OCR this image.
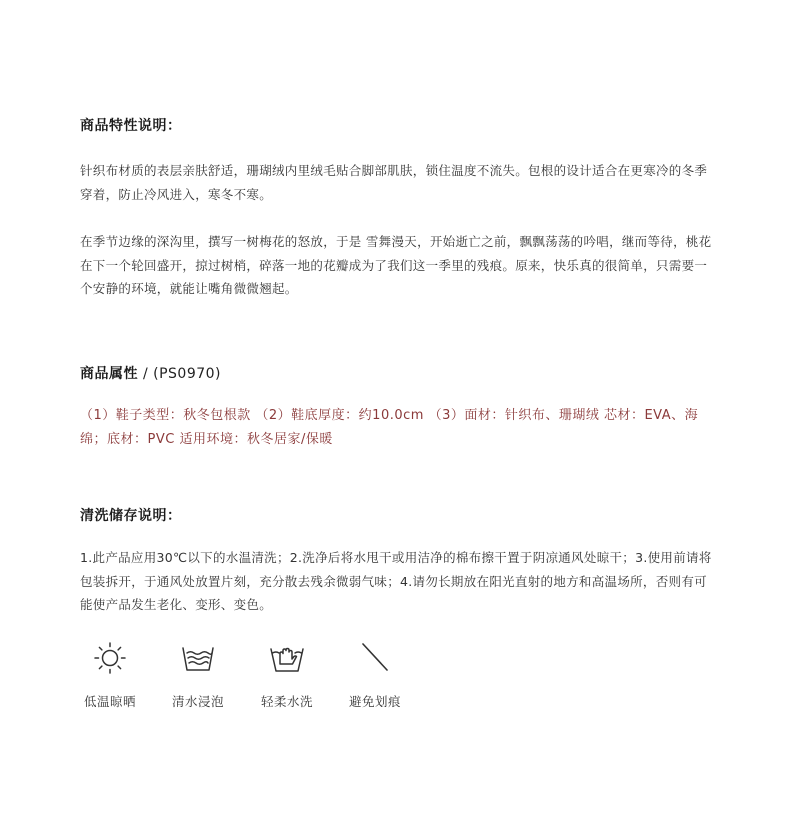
商品特性说明：

针织布材质的表层亲肤舒适，珊瑚绒内里绒毛贴合脚部肌肤，锁住温度不流失。包根的设计适合在更寒冷的冬季穿着，防止冷风进入，寒冬不寒。

在季节边缘的深沟里，撰写一树梅花的怒放，于是 雪舞漫天，开始逝亡之前，飘飘荡荡的吟唱，继而等待，桃花在下一个轮回盛开，掠过树梢，碎落一地的花瓣成为了我们这一季里的残痕。原来，快乐真的很简单，只需要一个安静的环境，就能让嘴角微微翘起。

商品属性 / (PS0970)

（1）鞋子类型：秋冬包根款 （2）鞋底厚度：约10.0cm （3）面材：针织布、珊瑚绒 芯材：EVA、海绵；底材：PVC 适用环境：秋冬居家/保暖

清洗储存说明：

1.此产品应用30℃以下的水温清洗；2.洗净后将水甩干或用洁净的棉布擦干置于阴凉通风处晾干；3.使用前请将包装拆开，于通风处放置片刻，充分散去残余微弱气味；4.请勿长期放在阳光直射的地方和高温场所，否则有可能使产品发生老化、变形、变色。

低温晾晒	清水浸泡	轻柔水洗	避免划痕
